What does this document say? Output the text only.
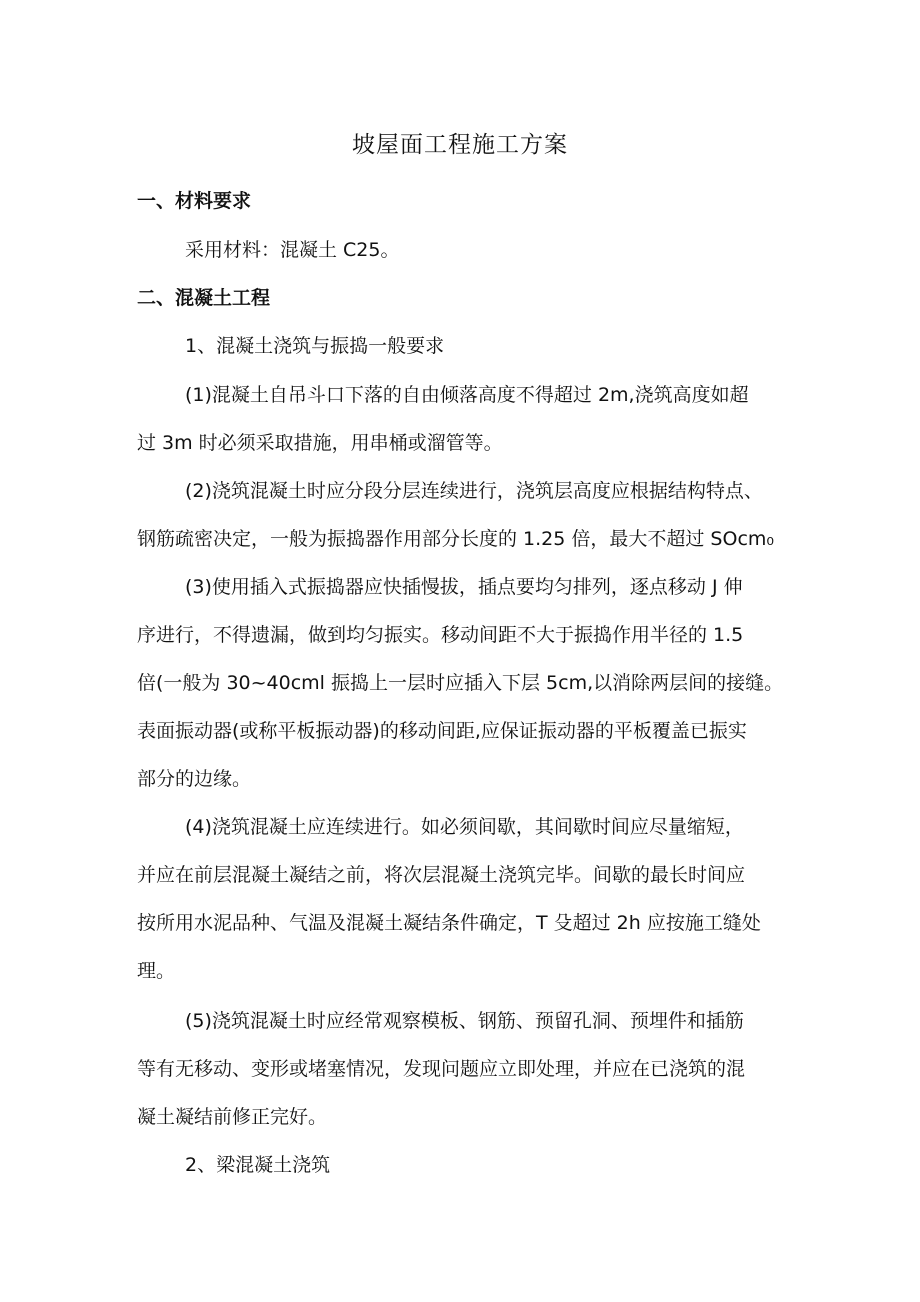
坡屋面工程施工方案
一、材料要求
采用材料：混凝土 C25。
二、混凝土工程
1、混凝土浇筑与振捣一般要求
(1)混凝土自吊斗口下落的自由倾落高度不得超过 2m,浇筑高度如超
过 3m 时必须采取措施，用串桶或溜管等。
(2)浇筑混凝土时应分段分层连续进行，浇筑层高度应根据结构特点、
钢筋疏密决定，一般为振捣器作用部分长度的 1.25 倍，最大不超过 SOcm₀
(3)使用插入式振捣器应快插慢拔，插点要均匀排列，逐点移动 J 伸
序进行，不得遗漏，做到均匀振实。移动间距不大于振捣作用半径的 1.5
倍(一般为 30~40cml 振捣上一层时应插入下层 5cm,以消除两层间的接缝。
表面振动器(或称平板振动器)的移动间距,应保证振动器的平板覆盖已振实
部分的边缘。
(4)浇筑混凝土应连续进行。如必须间歇，其间歇时间应尽量缩短，
并应在前层混凝土凝结之前，将次层混凝土浇筑完毕。间歇的最长时间应
按所用水泥品种、气温及混凝土凝结条件确定，T 殳超过 2h 应按施工缝处
理。
(5)浇筑混凝土时应经常观察模板、钢筋、预留孔洞、预埋件和插筋
等有无移动、变形或堵塞情况，发现问题应立即处理，并应在已浇筑的混
凝土凝结前修正完好。
2、梁混凝土浇筑
